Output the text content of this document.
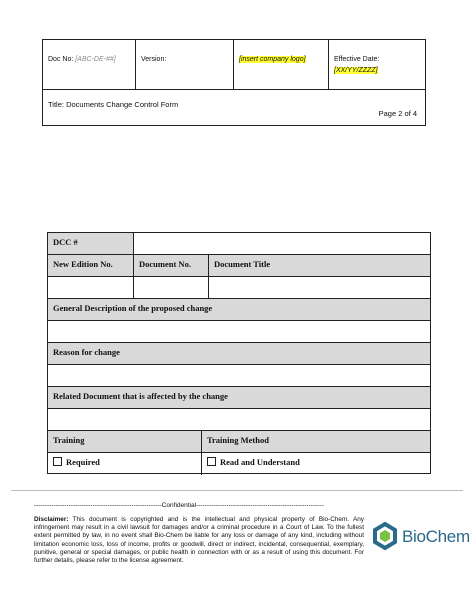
Doc No: [ABC-DE-##]	Version:	[insert company logo]	Effective Date:
[XX/YY/ZZZZ]
Title: Documents Change Control Form
Page 2 of 4
DCC #
New Edition No.	Document No.	Document Title
General Description of the proposed change
Reason for change
Related Document that is affected by the change
Training	Training Method
Required	Read and Understand
-----------------------------------------------------------Confidential-----------------------------------------------------------
Disclaimer: This document is copyrighted and is the intellectual and physical property of Bio-Chem. Any infringement may result in a civil lawsuit for damages and/or a criminal procedure in a Court of Law. To the fullest extent permitted by law, in no event shall Bio-Chem be liable for any loss or damage of any kind, including without limitation economic loss, loss of income, profits or goodwill, direct or indirect, incidental, consequential, exemplary, punitive, general or special damages, or public health in connection with or as a result of using this document. For further details, please refer to the license agreement.
BioChem
